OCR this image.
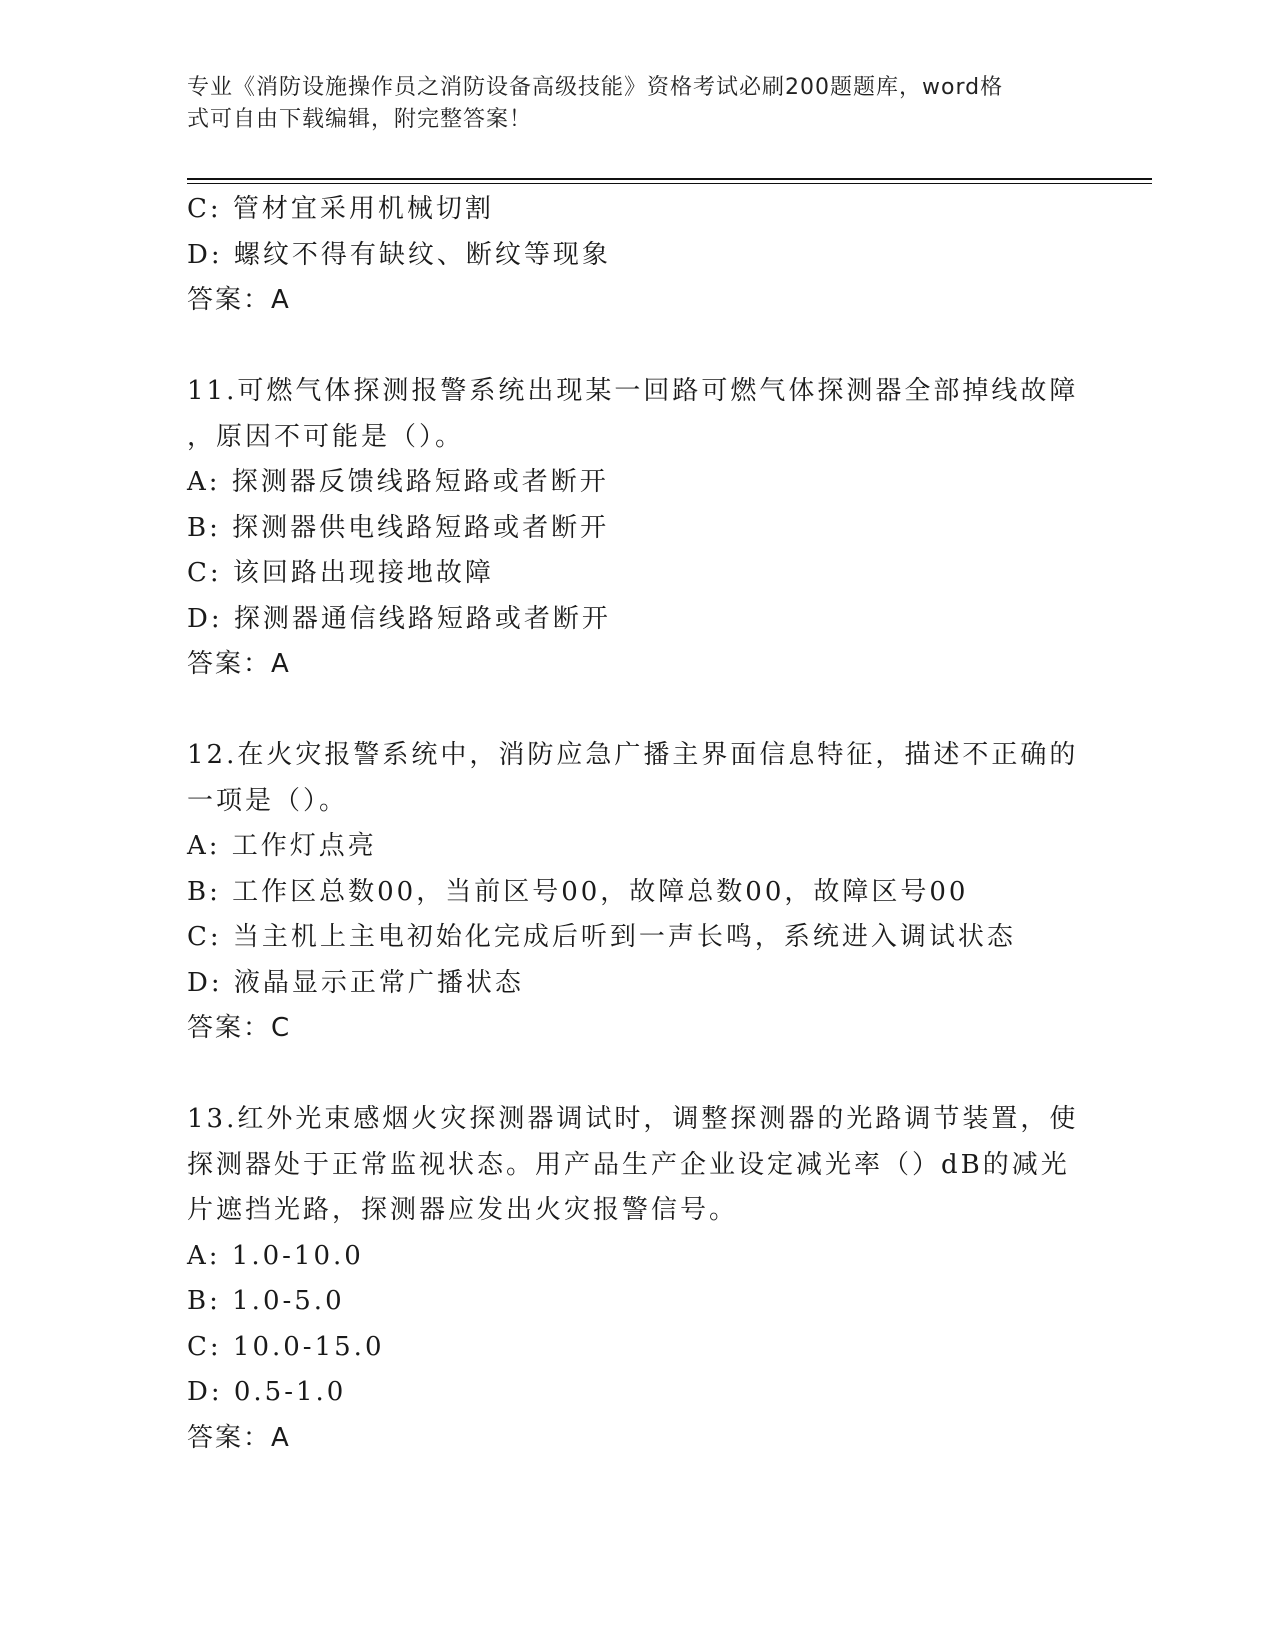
专业《消防设施操作员之消防设备高级技能》资格考试必刷200题题库，word格
式可自由下载编辑，附完整答案！
C: 管材宜采用机械切割
D: 螺纹不得有缺纹、断纹等现象
答案：A
11.可燃气体探测报警系统出现某一回路可燃气体探测器全部掉线故障
，原因不可能是（）。
A: 探测器反馈线路短路或者断开
B: 探测器供电线路短路或者断开
C: 该回路出现接地故障
D: 探测器通信线路短路或者断开
答案：A
12.在火灾报警系统中，消防应急广播主界面信息特征，描述不正确的
一项是（）。
A: 工作灯点亮
B: 工作区总数00，当前区号00，故障总数00，故障区号00
C: 当主机上主电初始化完成后听到一声长鸣，系统进入调试状态
D: 液晶显示正常广播状态
答案：C
13.红外光束感烟火灾探测器调试时，调整探测器的光路调节装置，使
探测器处于正常监视状态。用产品生产企业设定减光率（）dB的减光
片遮挡光路，探测器应发出火灾报警信号。
A: 1.0-10.0
B: 1.0-5.0
C: 10.0-15.0
D: 0.5-1.0
答案：A
